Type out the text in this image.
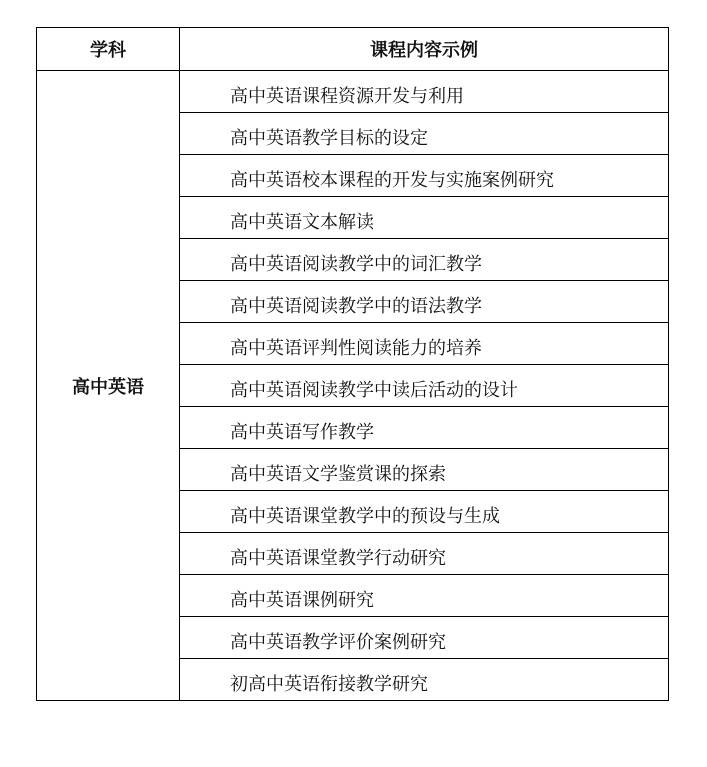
学科	课程内容示例
高中英语	高中英语课程资源开发与利用
	高中英语教学目标的设定
	高中英语校本课程的开发与实施案例研究
	高中英语文本解读
	高中英语阅读教学中的词汇教学
	高中英语阅读教学中的语法教学
	高中英语评判性阅读能力的培养
	高中英语阅读教学中读后活动的设计
	高中英语写作教学
	高中英语文学鉴赏课的探索
	高中英语课堂教学中的预设与生成
	高中英语课堂教学行动研究
	高中英语课例研究
	高中英语教学评价案例研究
	初高中英语衔接教学研究
